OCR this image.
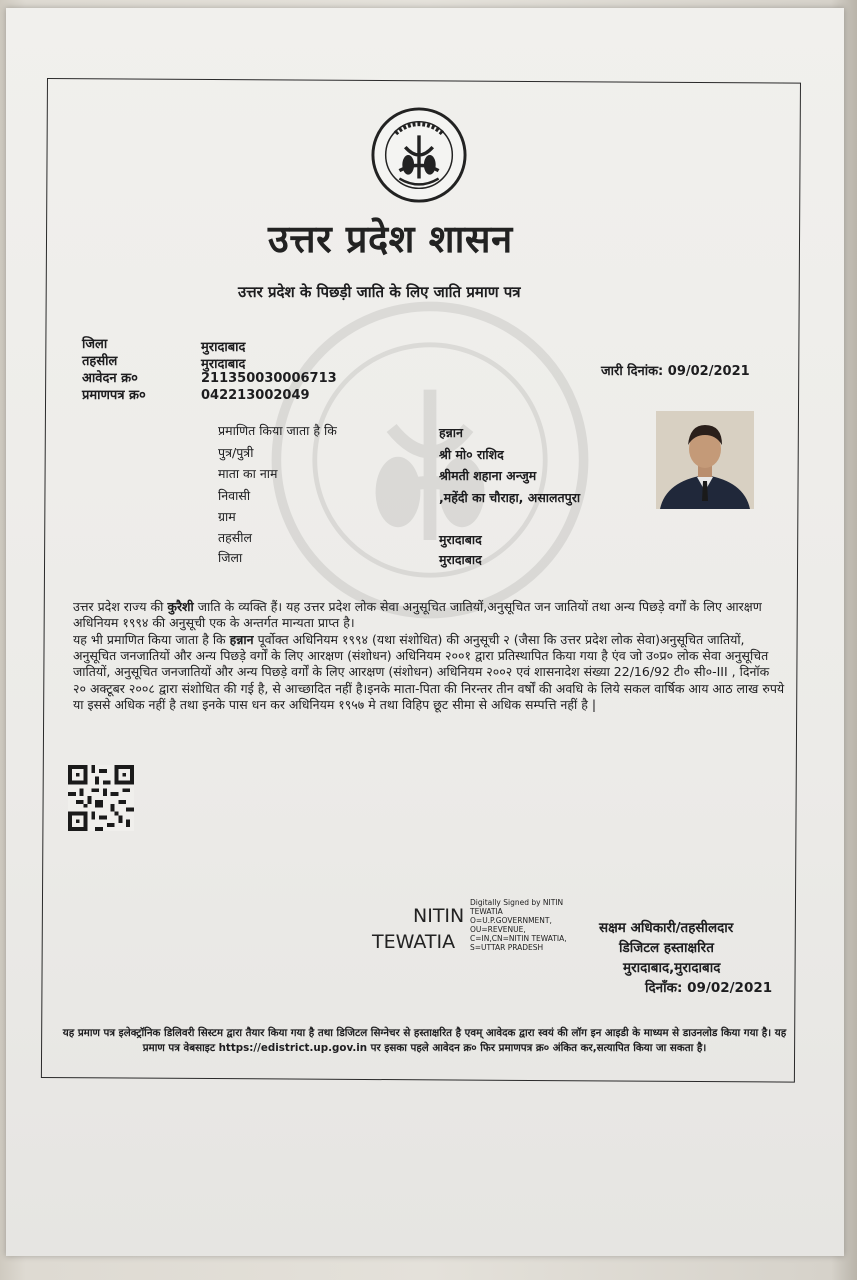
उत्तर प्रदेश शासन
उत्तर प्रदेश के पिछड़ी जाति के लिए जाति प्रमाण पत्र
जिला	मुरादाबाद
तहसील	मुरादाबाद
आवेदन क्र०	211350030006713
प्रमाणपत्र क्र०	042213002049
जारी दिनांक: 09/02/2021
प्रमाणित किया जाता है कि	हन्नान
पुत्र/पुत्री	श्री मो० राशिद
माता का नाम	श्रीमती शहाना अन्जुम
निवासी	,महेंदी का चौराहा, असालतपुरा
ग्राम
तहसील	मुरादाबाद
जिला	मुरादाबाद
उत्तर प्रदेश राज्य की कुरैशी जाति के व्यक्ति हैं। यह उत्तर प्रदेश लोक सेवा अनुसूचित जातियों,अनुसूचित जन जातियों तथा अन्य पिछड़े वर्गों के लिए आरक्षण अधिनियम १९९४ की अनुसूची एक के अन्तर्गत मान्यता प्राप्त है।
यह भी प्रमाणित किया जाता है कि हन्नान पूर्वोक्त अधिनियम १९९४ (यथा संशोधित) की अनुसूची २ (जैसा कि उत्तर प्रदेश लोक सेवा)अनुसूचित जातियों, अनुसूचित जनजातियों और अन्य पिछड़े वर्गों के लिए आरक्षण (संशोधन) अधिनियम २००१ द्वारा प्रतिस्थापित किया गया है एंव जो उ०प्र० लोक सेवा अनुसूचित जातियों, अनुसूचित जनजातियों और अन्य पिछड़े वर्गों के लिए आरक्षण (संशोधन) अधिनियम २००२ एवं शासनादेश संख्या 22/16/92 टी० सी०-III , दिनॉक २० अक्टूबर २००८ द्वारा संशोधित की गई है, से आच्छादित नहीं है।इनके माता-पिता की निरन्तर तीन वर्षों की अवधि के लिये सकल वार्षिक आय आठ लाख रुपये या इससे अधिक नहीं है तथा इनके पास धन कर अधिनियम १९५७ मे तथा विहिप छूट सीमा से अधिक सम्पत्ति नहीं है |
NITIN
TEWATIA
Digitally Signed by NITIN
TEWATIA
O=U.P.GOVERNMENT,
OU=REVENUE,
C=IN,CN=NITIN TEWATIA,
S=UTTAR PRADESH
सक्षम अधिकारी/तहसीलदार
डिजिटल हस्ताक्षरित
मुरादाबाद,मुरादाबाद
दिनाँक: 09/02/2021
यह प्रमाण पत्र इलेक्ट्रॉनिक डिलिवरी सिस्टम द्वारा तैयार किया गया है तथा डिजिटल सिग्नेचर से हस्ताक्षरित है एवम् आवेदक द्वारा स्वयं की लॉग इन आइडी के माध्यम से डाउनलोड किया गया है। यह प्रमाण पत्र वेबसाइट https://edistrict.up.gov.in पर इसका पहले आवेदन क्र० फिर प्रमाणपत्र क्र० अंकित कर,सत्यापित किया जा सकता है।
